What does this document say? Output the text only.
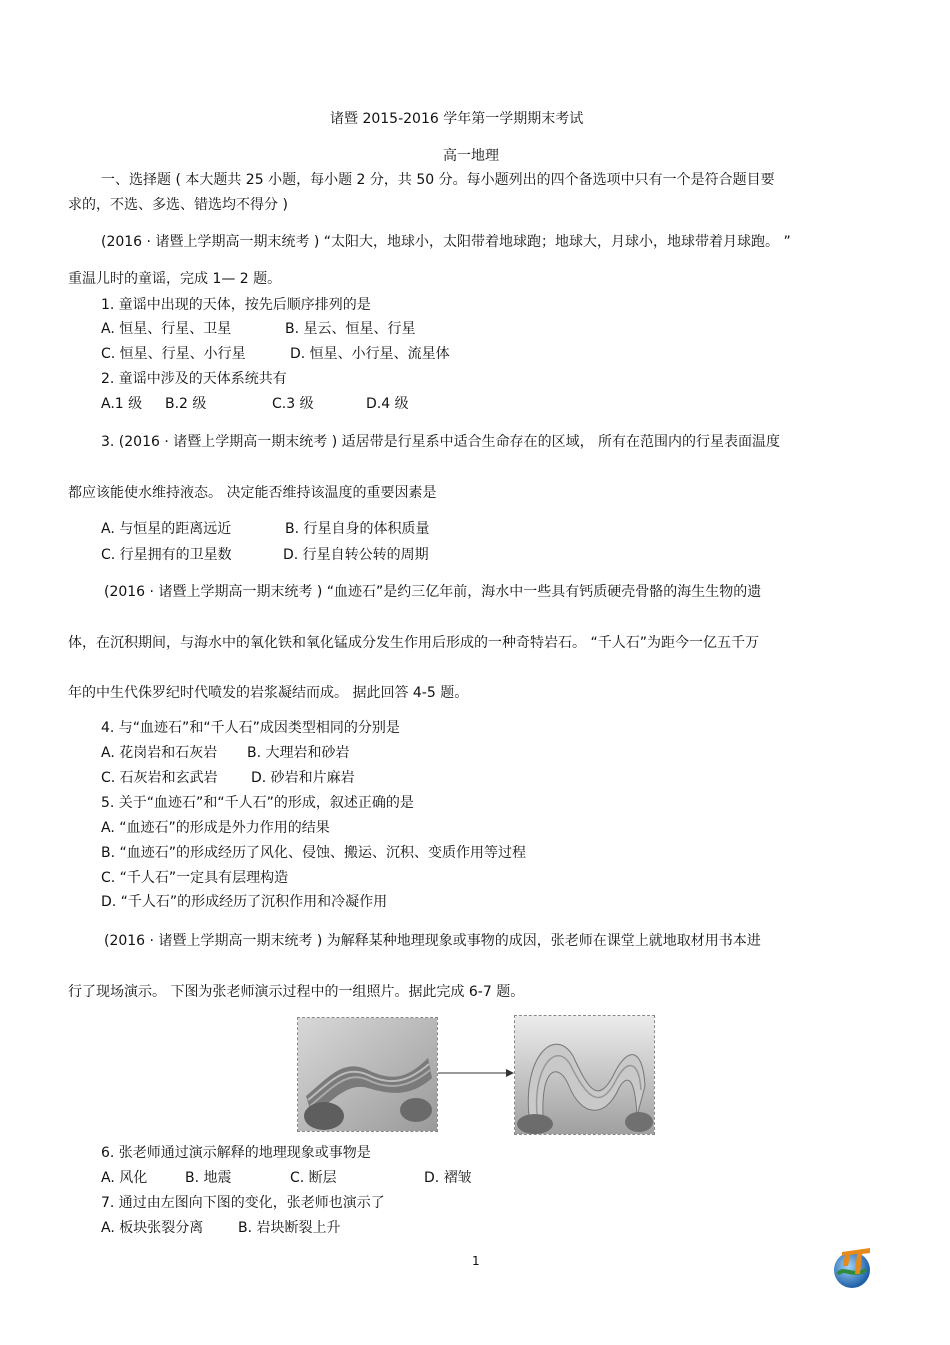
诸暨 2015-2016 学年第一学期期末考试
高一地理
一、选择题 ( 本大题共 25 小题，每小题 2 分，共 50 分。每小题列出的四个备选项中只有一个是符合题目要
求的，不选、多选、错选均不得分 )
(2016 · 诸暨上学期高一期末统考 ) “太阳大，地球小，太阳带着地球跑；地球大，月球小，地球带着月球跑。 ”
重温儿时的童谣，完成 1— 2 题。
1. 童谣中出现的天体，按先后顺序排列的是
A. 恒星、行星、卫星	B. 星云、恒星、行星
C. 恒星、行星、小行星	D. 恒星、小行星、流星体
2. 童谣中涉及的天体系统共有
A.1 级 B.2 级	C.3 级	D.4 级
3. (2016 · 诸暨上学期高一期末统考 ) 适居带是行星系中适合生命存在的区域， 所有在范围内的行星表面温度
都应该能使水维持液态。 决定能否维持该温度的重要因素是
A. 与恒星的距离远近	B. 行星自身的体积质量
C. 行星拥有的卫星数	D. 行星自转公转的周期
(2016 · 诸暨上学期高一期末统考 ) “血迹石”是约三亿年前，海水中一些具有钙质硬壳骨骼的海生生物的遗
体，在沉积期间，与海水中的氧化铁和氧化锰成分发生作用后形成的一种奇特岩石。 “千人石”为距今一亿五千万
年的中生代侏罗纪时代喷发的岩浆凝结而成。 据此回答 4-5 题。
4. 与“血迹石”和“千人石”成因类型相同的分别是
A. 花岗岩和石灰岩 B. 大理岩和砂岩
C. 石灰岩和玄武岩 D. 砂岩和片麻岩
5. 关于“血迹石”和“千人石”的形成，叙述正确的是
A. “血迹石”的形成是外力作用的结果
B. “血迹石”的形成经历了风化、侵蚀、搬运、沉积、变质作用等过程
C. “千人石”一定具有层理构造
D. “千人石”的形成经历了沉积作用和冷凝作用
(2016 · 诸暨上学期高一期末统考 ) 为解释某种地理现象或事物的成因，张老师在课堂上就地取材用书本进
行了现场演示。 下图为张老师演示过程中的一组照片。据此完成 6-7 题。
6. 张老师通过演示解释的地理现象或事物是
A. 风化	B. 地震	C. 断层	D. 褶皱
7. 通过由左图向下图的变化，张老师也演示了
A. 板块张裂分离 B. 岩块断裂上升
1
